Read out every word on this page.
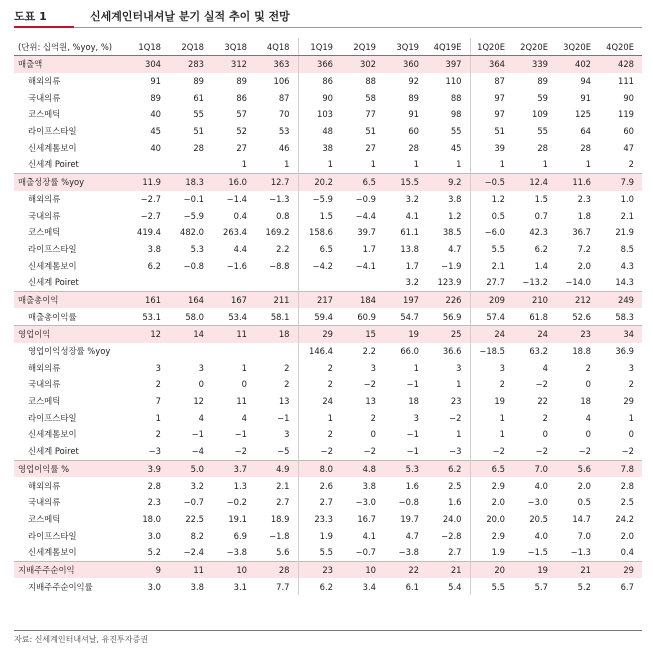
도표 1	신세계인터내셔날 분기 실적 추이 및 전망
(단위: 십억원, %yoy, %)	1Q18	2Q18	3Q18	4Q18	1Q19	2Q19	3Q19	4Q19E	1Q20E	2Q20E	3Q20E	4Q20E
매출액	304	283	312	363	366	302	360	397	364	339	402	428
해외의류	91	89	89	106	86	88	92	110	87	89	94	111
국내의류	89	61	86	87	90	58	89	88	97	59	91	90
코스메틱	40	55	57	70	103	77	91	98	97	109	125	119
라이프스타일	45	51	52	53	48	51	60	55	51	55	64	60
신세계톰보이	40	28	27	46	38	27	28	45	39	28	28	47
신세계 Poiret			1	1	1	1	1	1	1	1	1	2
매출성장률 %yoy	11.9	18.3	16.0	12.7	20.2	6.5	15.5	9.2	−0.5	12.4	11.6	7.9
해외의류	−2.7	−0.1	−1.4	−1.3	−5.9	−0.9	3.2	3.8	1.2	1.5	2.3	1.0
국내의류	−2.7	−5.9	0.4	0.8	1.5	−4.4	4.1	1.2	0.5	0.7	1.8	2.1
코스메틱	419.4	482.0	263.4	169.2	158.6	39.7	61.1	38.5	−6.0	42.3	36.7	21.9
라이프스타일	3.8	5.3	4.4	2.2	6.5	1.7	13.8	4.7	5.5	6.2	7.2	8.5
신세계톰보이	6.2	−0.8	−1.6	−8.8	−4.2	−4.1	1.7	−1.9	2.1	1.4	2.0	4.3
신세계 Poiret							3.2	123.9	27.7	−13.2	−14.0	14.3
매출총이익	161	164	167	211	217	184	197	226	209	210	212	249
매출총이익률	53.1	58.0	53.4	58.1	59.4	60.9	54.7	56.9	57.4	61.8	52.6	58.3
영업이익	12	14	11	18	29	15	19	25	24	24	23	34
영업이익성장률 %yoy					146.4	2.2	66.0	36.6	−18.5	63.2	18.8	36.9
해외의류	3	3	1	2	2	3	1	3	3	4	2	3
국내의류	2	0	0	2	2	−2	−1	1	2	−2	0	2
코스메틱	7	12	11	13	24	13	18	23	19	22	18	29
라이프스타일	1	4	4	−1	1	2	3	−2	1	2	4	1
신세계톰보이	2	−1	−1	3	2	0	−1	1	1	0	0	0
신세계 Poiret	−3	−4	−2	−5	−2	−2	−1	−3	−2	−2	−2	−2
영업이익률 %	3.9	5.0	3.7	4.9	8.0	4.8	5.3	6.2	6.5	7.0	5.6	7.8
해외의류	2.8	3.2	1.3	2.1	2.6	3.8	1.6	2.5	2.9	4.0	2.0	2.8
국내의류	2.3	−0.7	−0.2	2.7	2.7	−3.0	−0.8	1.6	2.0	−3.0	0.5	2.5
코스메틱	18.0	22.5	19.1	18.9	23.3	16.7	19.7	24.0	20.0	20.5	14.7	24.2
라이프스타일	3.0	8.2	6.9	−1.8	1.9	4.1	4.7	−2.8	2.9	4.0	7.0	2.0
신세계톰보이	5.2	−2.4	−3.8	5.6	5.5	−0.7	−3.8	2.7	1.9	−1.5	−1.3	0.4
지배주주순이익	9	11	10	28	23	10	22	21	20	19	21	29
지배주주순이익률	3.0	3.8	3.1	7.7	6.2	3.4	6.1	5.4	5.5	5.7	5.2	6.7
자료: 신세계인터내셔날, 유진투자증권
